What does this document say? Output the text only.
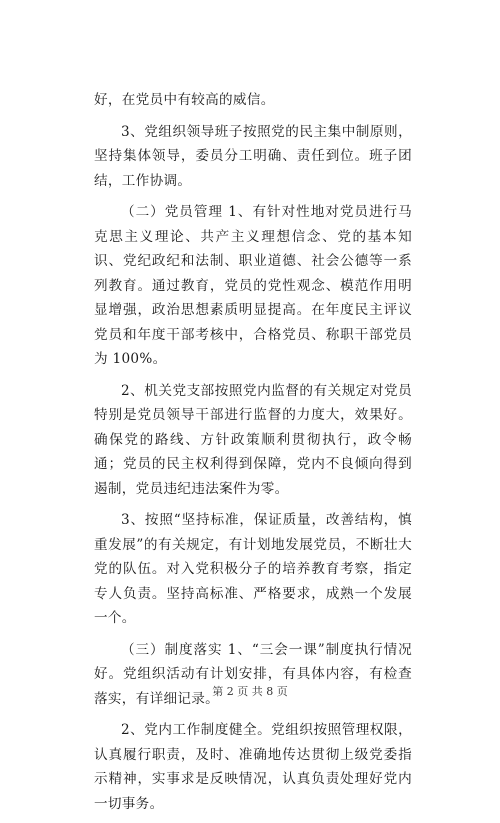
好，在党员中有较高的威信。

3、党组织领导班子按照党的民主集中制原则，坚持集体领导，委员分工明确、责任到位。班子团结，工作协调。

（二）党员管理 1、有针对性地对党员进行马克思主义理论、共产主义理想信念、党的基本知识、党纪政纪和法制、职业道德、社会公德等一系列教育。通过教育，党员的党性观念、模范作用明显增强，政治思想素质明显提高。在年度民主评议党员和年度干部考核中，合格党员、称职干部党员为 100%。

2、机关党支部按照党内监督的有关规定对党员特别是党员领导干部进行监督的力度大，效果好。确保党的路线、方针政策顺利贯彻执行，政令畅通；党员的民主权利得到保障，党内不良倾向得到遏制，党员违纪违法案件为零。

3、按照“坚持标准，保证质量，改善结构，慎重发展”的有关规定，有计划地发展党员，不断壮大党的队伍。对入党积极分子的培养教育考察，指定专人负责。坚持高标准、严格要求，成熟一个发展一个。

（三）制度落实 1、“三会一课”制度执行情况好。党组织活动有计划安排，有具体内容，有检查落实，有详细记录。

2、党内工作制度健全。党组织按照管理权限，认真履行职责，及时、准确地传达贯彻上级党委指示精神，实事求是反映情况，认真负责处理好党内一切事务。

第 2 页 共 8 页
